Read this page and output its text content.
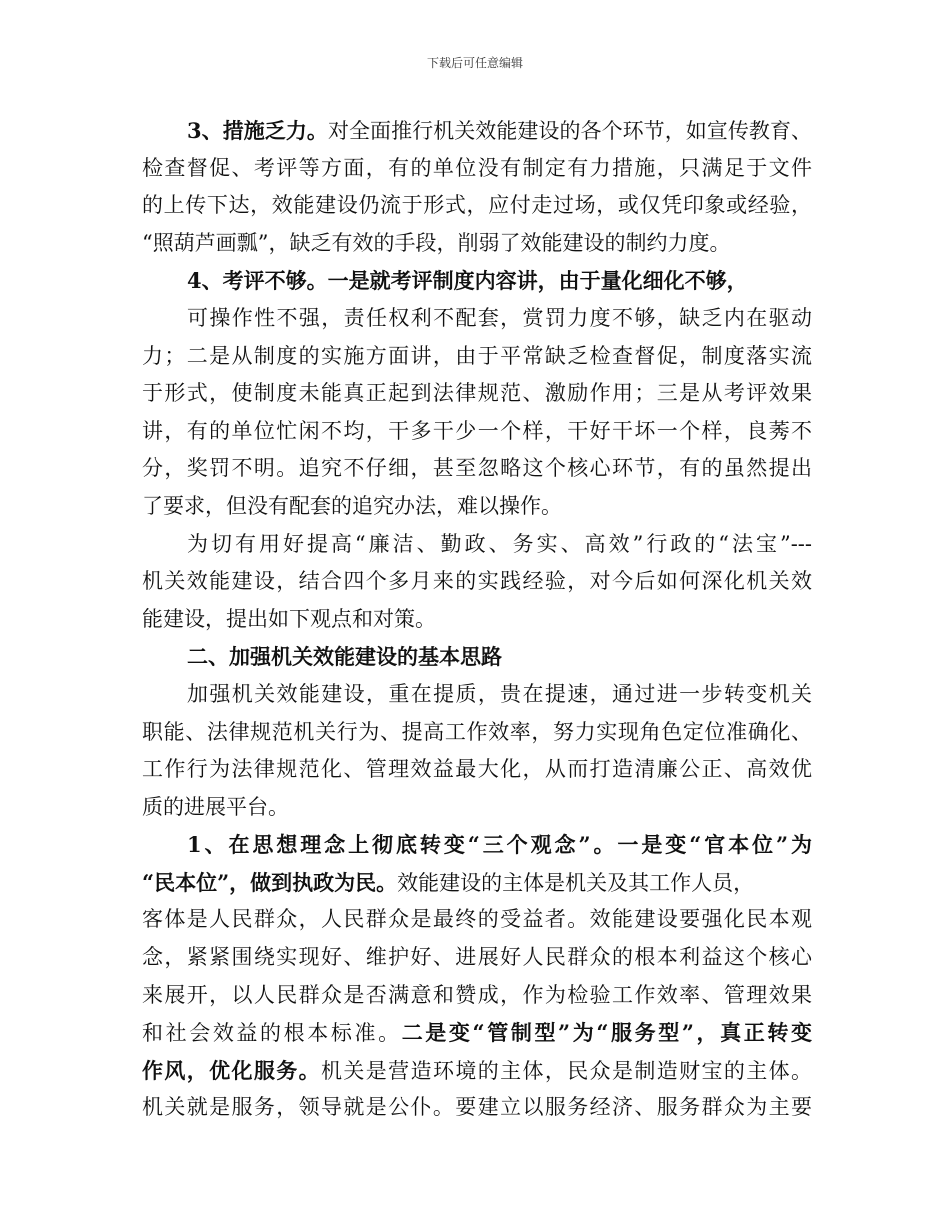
下载后可任意编辑
3、措施乏力。对全面推行机关效能建设的各个环节，如宣传教育、
检查督促、考评等方面，有的单位没有制定有力措施，只满足于文件
的上传下达，效能建设仍流于形式，应付走过场，或仅凭印象或经验，
“照葫芦画瓢”，缺乏有效的手段，削弱了效能建设的制约力度。
4、考评不够。一是就考评制度内容讲，由于量化细化不够，
可操作性不强，责任权利不配套，赏罚力度不够，缺乏内在驱动
力；二是从制度的实施方面讲，由于平常缺乏检查督促，制度落实流
于形式，使制度未能真正起到法律规范、激励作用；三是从考评效果
讲，有的单位忙闲不均，干多干少一个样，干好干坏一个样，良莠不
分，奖罚不明。追究不仔细，甚至忽略这个核心环节，有的虽然提出
了要求，但没有配套的追究办法，难以操作。
为切有用好提高“廉洁、勤政、务实、高效”行政的“法宝”---
机关效能建设，结合四个多月来的实践经验，对今后如何深化机关效
能建设，提出如下观点和对策。
二、加强机关效能建设的基本思路
加强机关效能建设，重在提质，贵在提速，通过进一步转变机关
职能、法律规范机关行为、提高工作效率，努力实现角色定位准确化、
工作行为法律规范化、管理效益最大化，从而打造清廉公正、高效优
质的进展平台。
1、在思想理念上彻底转变“三个观念”。一是变“官本位”为
“民本位”，做到执政为民。效能建设的主体是机关及其工作人员，
客体是人民群众，人民群众是最终的受益者。效能建设要强化民本观
念，紧紧围绕实现好、维护好、进展好人民群众的根本利益这个核心
来展开，以人民群众是否满意和赞成，作为检验工作效率、管理效果
和社会效益的根本标准。二是变“管制型”为“服务型”，真正转变
作风，优化服务。机关是营造环境的主体，民众是制造财宝的主体。
机关就是服务，领导就是公仆。要建立以服务经济、服务群众为主要
